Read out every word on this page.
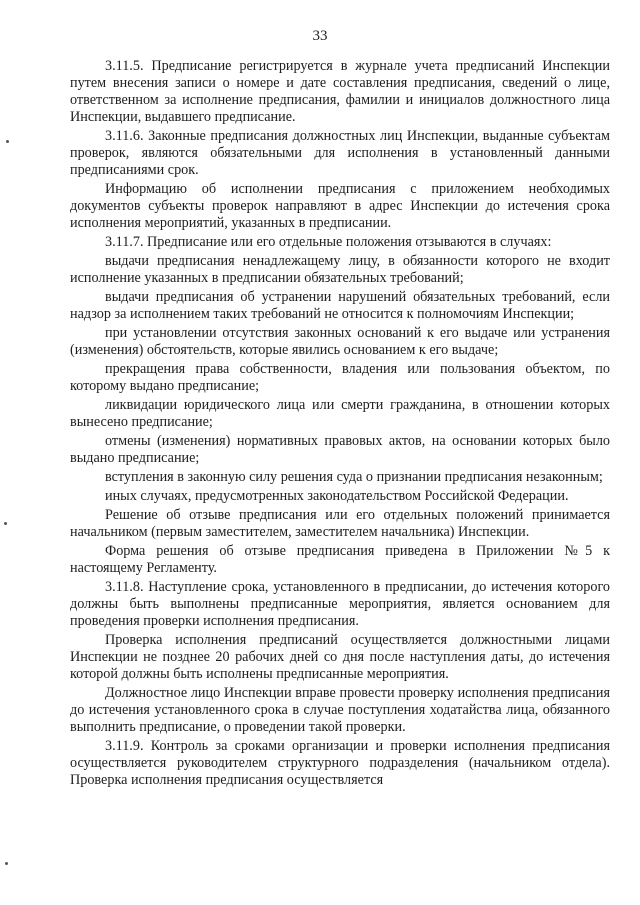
33

3.11.5. Предписание регистрируется в журнале учета предписаний Инспекции путем внесения записи о номере и дате составления предписания, сведений о лице, ответственном за исполнение предписания, фамилии и инициалов должностного лица Инспекции, выдавшего предписание.

3.11.6. Законные предписания должностных лиц Инспекции, выданные субъектам проверок, являются обязательными для исполнения в установленный данными предписаниями срок.

Информацию об исполнении предписания с приложением необходимых документов субъекты проверок направляют в адрес Инспекции до истечения срока исполнения мероприятий, указанных в предписании.

3.11.7. Предписание или его отдельные положения отзываются в случаях:

выдачи предписания ненадлежащему лицу, в обязанности которого не входит исполнение указанных в предписании обязательных требований;

выдачи предписания об устранении нарушений обязательных требований, если надзор за исполнением таких требований не относится к полномочиям Инспекции;

при установлении отсутствия законных оснований к его выдаче или устранения (изменения) обстоятельств, которые явились основанием к его выдаче;

прекращения права собственности, владения или пользования объектом, по которому выдано предписание;

ликвидации юридического лица или смерти гражданина, в отношении которых вынесено предписание;

отмены (изменения) нормативных правовых актов, на основании которых было выдано предписание;

вступления в законную силу решения суда о признании предписания незаконным;

иных случаях, предусмотренных законодательством Российской Федерации.

Решение об отзыве предписания или его отдельных положений принимается начальником (первым заместителем, заместителем начальника) Инспекции.

Форма решения об отзыве предписания приведена в Приложении №5 к настоящему Регламенту.

3.11.8. Наступление срока, установленного в предписании, до истечения которого должны быть выполнены предписанные мероприятия, является основанием для проведения проверки исполнения предписания.

Проверка исполнения предписаний осуществляется должностными лицами Инспекции не позднее 20 рабочих дней со дня после наступления даты, до истечения которой должны быть исполнены предписанные мероприятия.

Должностное лицо Инспекции вправе провести проверку исполнения предписания до истечения установленного срока в случае поступления ходатайства лица, обязанного выполнить предписание, о проведении такой проверки.

3.11.9. Контроль за сроками организации и проверки исполнения предписания осуществляется руководителем структурного подразделения (начальником отдела). Проверка исполнения предписания осуществляется
